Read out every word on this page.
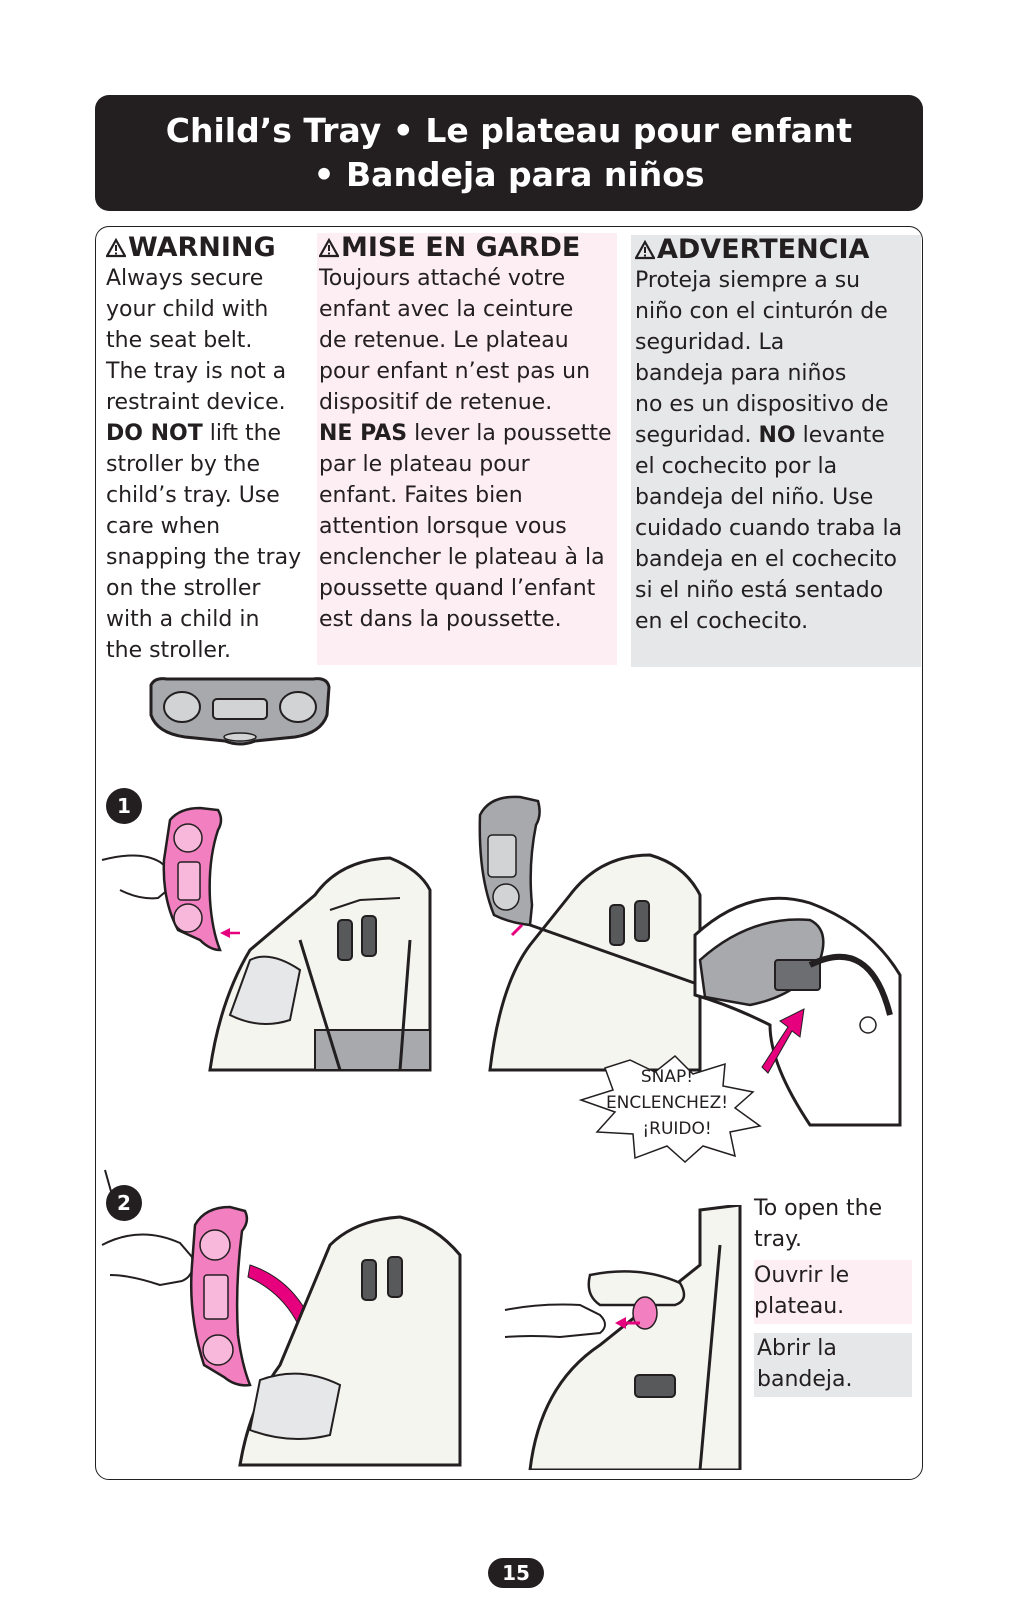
Child’s Tray • Le plateau pour enfant
• Bandeja para niños
WARNING

Always secure

your child with

the seat belt.

The tray is not a

restraint device.

DO NOT lift the

stroller by the

child’s tray. Use

care when

snapping the tray

on the stroller

with a child in

the stroller.

MISE EN GARDE

Toujours attaché votre

enfant avec la ceinture

de retenue. Le plateau

pour enfant n’est pas un

dispositif de retenue.

NE PAS lever la poussette

par le plateau pour

enfant. Faites bien

attention lorsque vous

enclencher le plateau à la

poussette quand l’enfant

est dans la poussette.

ADVERTENCIA

Proteja siempre a su

niño con el cinturón de

seguridad. La

bandeja para niños

no es un dispositivo de

seguridad. NO levante

el cochecito por la

bandeja del niño. Use

cuidado cuando traba la

bandeja en el cochecito

si el niño está sentado

en el cochecito.

1
SNAP!
ENCLENCHEZ!
¡RUIDO!
2	To open the
tray.
Ouvrir le
plateau.
Abrir la
bandeja.
15
